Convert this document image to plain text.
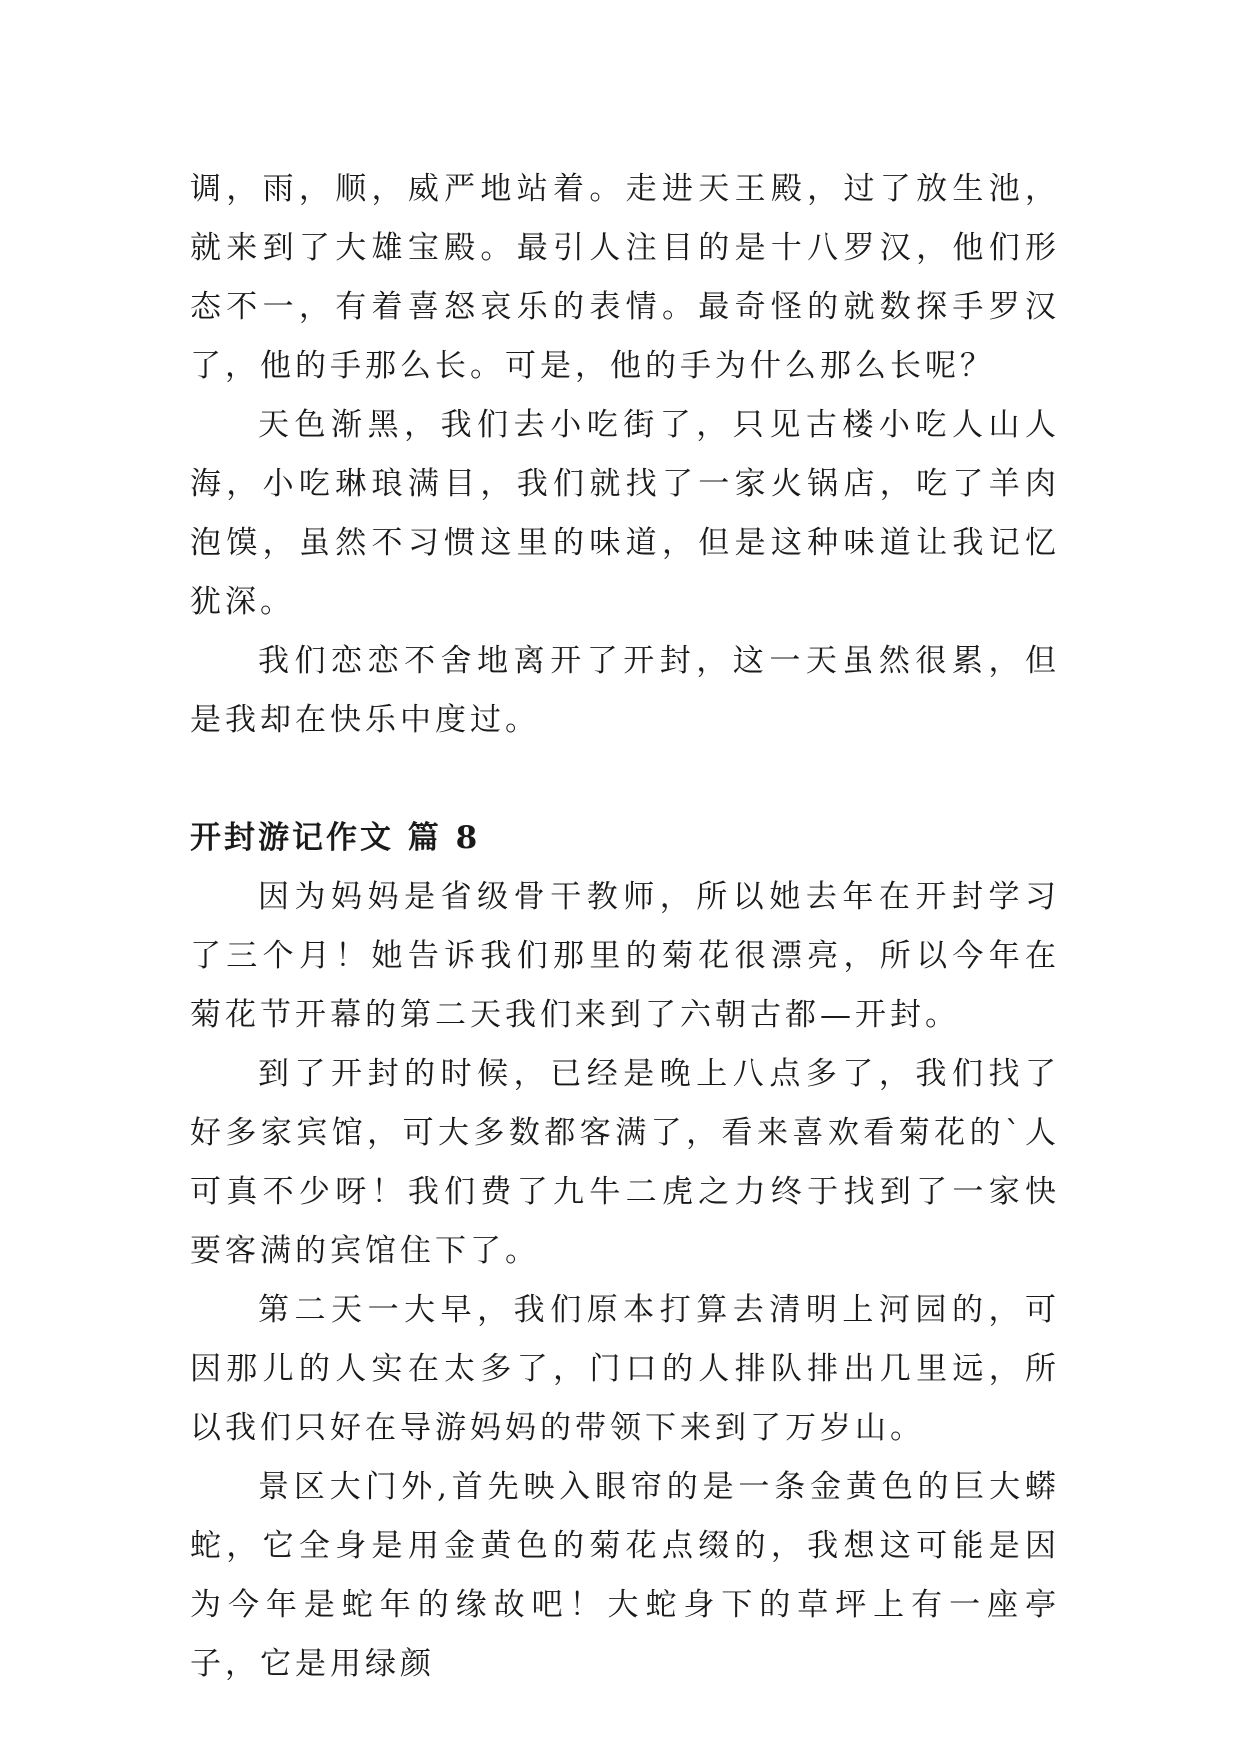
调，雨，顺，威严地站着。走进天王殿，过了放生池，就来到了大雄宝殿。最引人注目的是十八罗汉，他们形态不一，有着喜怒哀乐的表情。最奇怪的就数探手罗汉了，他的手那么长。可是，他的手为什么那么长呢？

天色渐黑，我们去小吃街了，只见古楼小吃人山人海，小吃琳琅满目，我们就找了一家火锅店，吃了羊肉泡馍，虽然不习惯这里的味道，但是这种味道让我记忆犹深。

我们恋恋不舍地离开了开封，这一天虽然很累，但是我却在快乐中度过。

开封游记作文 篇 8

因为妈妈是省级骨干教师，所以她去年在开封学习了三个月！她告诉我们那里的菊花很漂亮，所以今年在菊花节开幕的第二天我们来到了六朝古都—开封。

到了开封的时候，已经是晚上八点多了，我们找了好多家宾馆，可大多数都客满了，看来喜欢看菊花的`人可真不少呀！我们费了九牛二虎之力终于找到了一家快要客满的宾馆住下了。

第二天一大早，我们原本打算去清明上河园的，可因那儿的人实在太多了，门口的人排队排出几里远，所以我们只好在导游妈妈的带领下来到了万岁山。

景区大门外,首先映入眼帘的是一条金黄色的巨大蟒蛇，它全身是用金黄色的菊花点缀的，我想这可能是因为今年是蛇年的缘故吧！大蛇身下的草坪上有一座亭子，它是用绿颜
